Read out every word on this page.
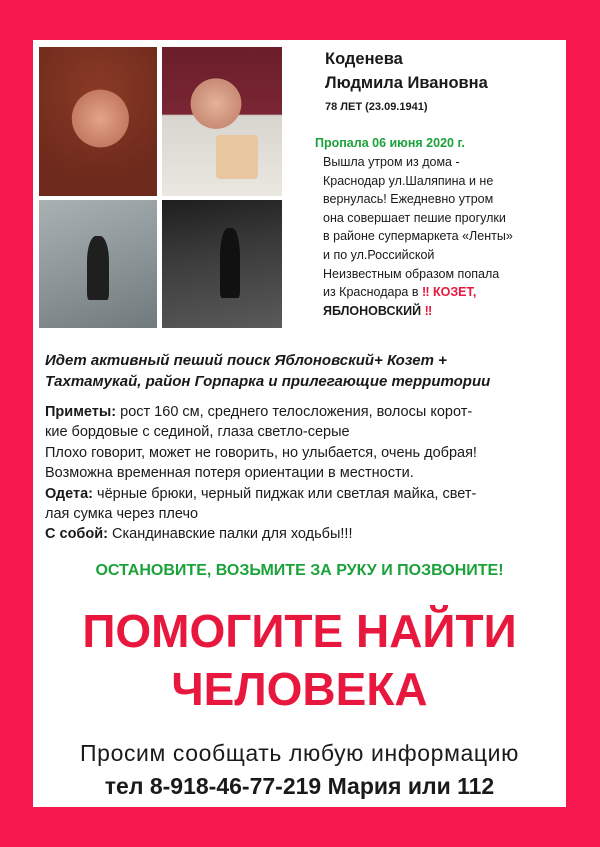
Коденева
Людмила Ивановна
78 ЛЕТ (23.09.1941)
Пропала 06 июня 2020 г.
Вышла утром из дома -
Краснодар ул.Шаляпина и не
вернулась! Ежедневно утром
она совершает пешие прогулки
в районе супермаркета «Ленты»
и по ул.Российской
Неизвестным образом попала
из Краснодара в ‼ КОЗЕТ,
ЯБЛОНОВСКИЙ ‼
Идет активный пеший поиск Яблоновский+ Козет +
Тахтамукай, район Горпарка и прилегающие территории
Приметы: рост 160 см, среднего телосложения, волосы корот-
кие бордовые с сединой, глаза светло-серые
Плохо говорит, может не говорить, но улыбается, очень добрая!
Возможна временная потеря ориентации в местности.
Одета: чёрные брюки, черный пиджак или светлая майка, свет-
лая сумка через плечо
С собой: Скандинавские палки для ходьбы!!!
ОСТАНОВИТЕ, ВОЗЬМИТЕ ЗА РУКУ И ПОЗВОНИТЕ!
ПОМОГИТЕ НАЙТИ
ЧЕЛОВЕКА
Просим сообщать любую информацию
тел 8-918-46-77-219 Мария или 112
